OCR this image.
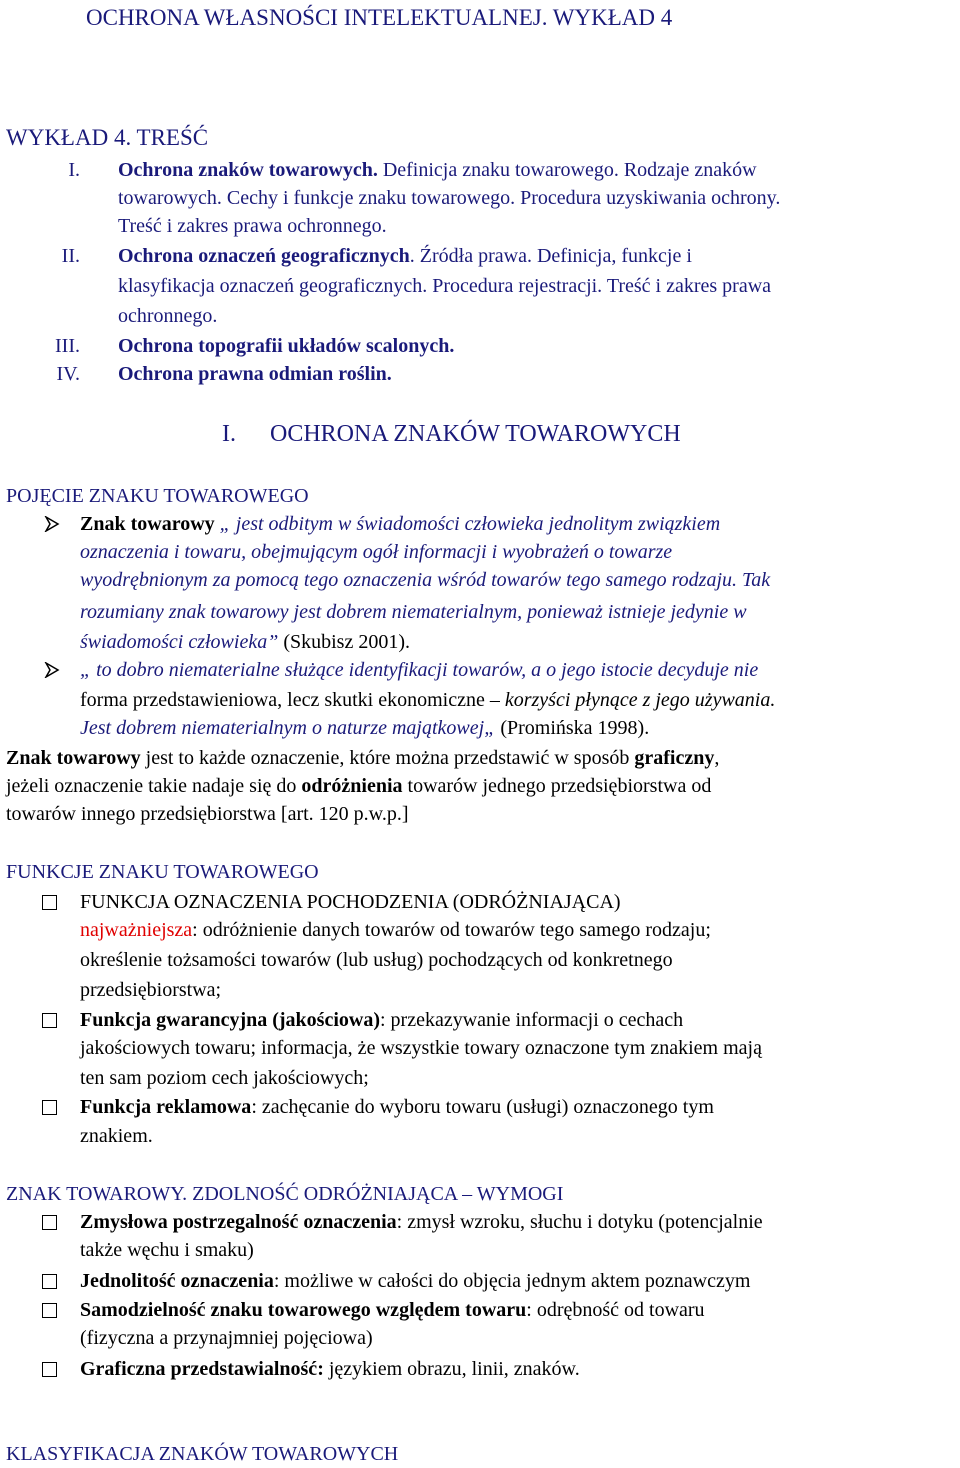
OCHRONA WŁASNOŚCI INTELEKTUALNEJ. WYKŁAD 4
WYKŁAD 4. TREŚĆ
I. Ochrona znaków towarowych. Definicja znaku towarowego. Rodzaje znaków
towarowych. Cechy i funkcje znaku towarowego. Procedura uzyskiwania ochrony.
Treść i zakres prawa ochronnego.
II. Ochrona oznaczeń geograficznych. Źródła prawa. Definicja, funkcje i
klasyfikacja oznaczeń geograficznych. Procedura rejestracji. Treść i zakres prawa
ochronnego.
III. Ochrona topografii układów scalonych.
IV. Ochrona prawna odmian roślin.
I. OCHRONA ZNAKÓW TOWAROWYCH
POJĘCIE ZNAKU TOWAROWEGO
Znak towarowy „ jest odbitym w świadomości człowieka jednolitym związkiem
oznaczenia i towaru, obejmującym ogół informacji i wyobrażeń o towarze
wyodrębnionym za pomocą tego oznaczenia wśród towarów tego samego rodzaju. Tak
rozumiany znak towarowy jest dobrem niematerialnym, ponieważ istnieje jedynie w
świadomości człowieka” (Skubisz 2001).
„ to dobro niematerialne służące identyfikacji towarów, a o jego istocie decyduje nie
forma przedstawieniowa, lecz skutki ekonomiczne – korzyści płynące z jego używania.
Jest dobrem niematerialnym o naturze majątkowej„ (Promińska 1998).
Znak towarowy jest to każde oznaczenie, które można przedstawić w sposób graficzny,
jeżeli oznaczenie takie nadaje się do odróżnienia towarów jednego przedsiębiorstwa od
towarów innego przedsiębiorstwa [art. 120 p.w.p.]
FUNKCJE ZNAKU TOWAROWEGO
FUNKCJA OZNACZENIA POCHODZENIA (ODRÓŻNIAJĄCA)
najważniejsza: odróżnienie danych towarów od towarów tego samego rodzaju;
określenie tożsamości towarów (lub usług) pochodzących od konkretnego
przedsiębiorstwa;
Funkcja gwarancyjna (jakościowa): przekazywanie informacji o cechach
jakościowych towaru; informacja, że wszystkie towary oznaczone tym znakiem mają
ten sam poziom cech jakościowych;
Funkcja reklamowa: zachęcanie do wyboru towaru (usługi) oznaczonego tym
znakiem.
ZNAK TOWAROWY. ZDOLNOŚĆ ODRÓŻNIAJĄCA – WYMOGI
Zmysłowa postrzegalność oznaczenia: zmysł wzroku, słuchu i dotyku (potencjalnie
także węchu i smaku)
Jednolitość oznaczenia: możliwe w całości do objęcia jednym aktem poznawczym
Samodzielność znaku towarowego względem towaru: odrębność od towaru
(fizyczna a przynajmniej pojęciowa)
Graficzna przedstawialność: językiem obrazu, linii, znaków.
KLASYFIKACJA ZNAKÓW TOWAROWYCH
